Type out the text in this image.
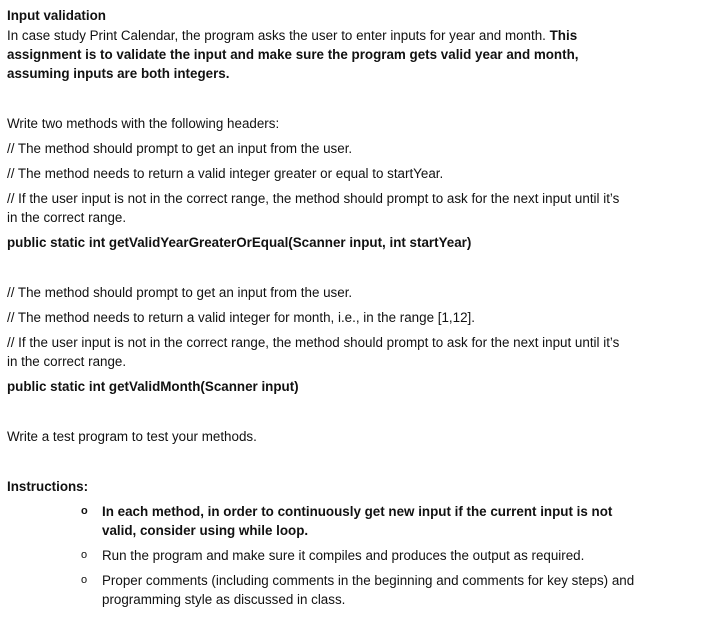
Input validation

In case study Print Calendar, the program asks the user to enter inputs for year and month. This assignment is to validate the input and make sure the program gets valid year and month, assuming inputs are both integers.

Write two methods with the following headers:

// The method should prompt to get an input from the user.

// The method needs to return a valid integer greater or equal to startYear.

// If the user input is not in the correct range, the method should prompt to ask for the next input until it’s in the correct range.

public static int getValidYearGreaterOrEqual(Scanner input, int startYear)

// The method should prompt to get an input from the user.

// The method needs to return a valid integer for month, i.e., in the range [1,12].

// If the user input is not in the correct range, the method should prompt to ask for the next input until it’s in the correct range.

public static int getValidMonth(Scanner input)

Write a test program to test your methods.

Instructions:

o In each method, in order to continuously get new input if the current input is not valid, consider using while loop.
o Run the program and make sure it compiles and produces the output as required.
o Proper comments (including comments in the beginning and comments for key steps) and programming style as discussed in class.
